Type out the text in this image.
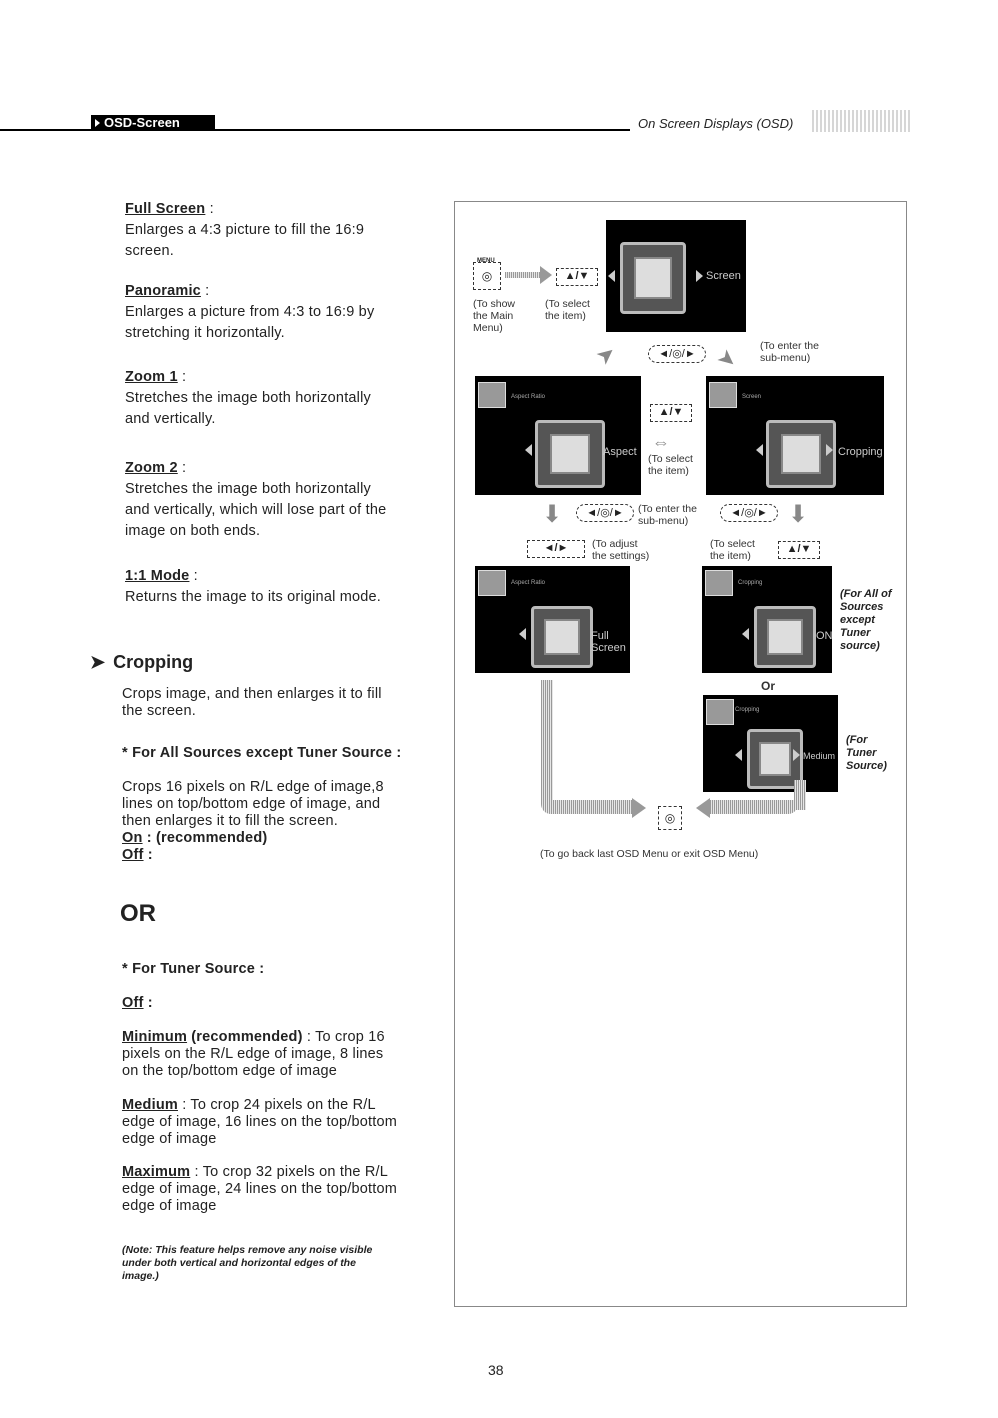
OSD-Screen	On Screen Displays (OSD)
Full Screen :
Enlarges a 4:3 picture to fill the 16:9
screen.
Panoramic :
Enlarges a picture from 4:3 to 16:9 by
stretching it horizontally.
Zoom 1 :
Stretches the image both horizontally
and vertically.
Zoom 2 :
Stretches the image both horizontally
and vertically, which will lose part of the
image on both ends.
1:1 Mode :
Returns the image to its original mode.
➤ Cropping
Crops image, and then enlarges it to fill
the screen.
* For All Sources except Tuner Source :
Crops 16 pixels on R/L edge of image,8
lines on top/bottom edge of image, and
then enlarges it to fill the screen.
On : (recommended)
Off :
OR
* For Tuner Source :
Off :
Minimum (recommended) : To crop 16
pixels on the R/L edge of image, 8 lines
on the top/bottom edge of image
Medium : To crop 24 pixels on the R/L
edge of image, 16 lines on the top/bottom
edge of image
Maximum : To crop 32 pixels on the R/L
edge of image, 24 lines on the top/bottom
edge of image
(Note: This feature helps remove any noise visible
under both vertical and horizontal edges of the
image.)
◎
MENU
▲/▼
(To show
the Main
Menu)
(To select
the item)
Screen
➤	◄/◎/► ➤ (To enter the
sub-menu)
Aspect Ratio
Aspect
▲/▼
⇔
(To select
the item)
Screen
Cropping
⬇	◄/◎/►	(To enter the
sub-menu)
◄/◎/► ⬇
◄/►	(To adjust
the settings)
(To select
the item)
▲/▼
Aspect Ratio
Full Screen
Cropping
ON
(For All of
Sources
except
Tuner
source)
Or
Cropping
Medium
(For
Tuner
Source)
◎
(To go back last OSD Menu or exit OSD Menu)
38
